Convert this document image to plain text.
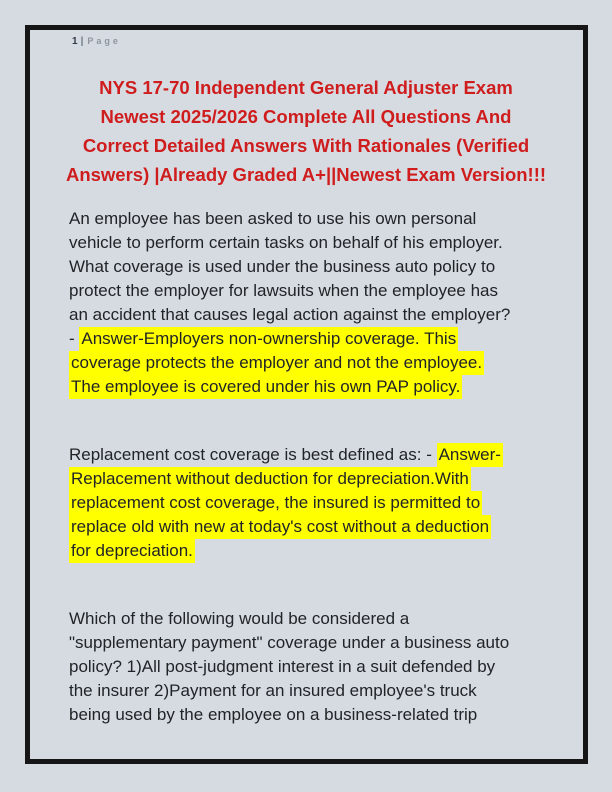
1 | Page
NYS 17-70 Independent General Adjuster Exam
Newest 2025/2026 Complete All Questions And
Correct Detailed Answers With Rationales (Verified
Answers) |Already Graded A+||Newest Exam Version!!!
An employee has been asked to use his own personal
vehicle to perform certain tasks on behalf of his employer.
What coverage is used under the business auto policy to
protect the employer for lawsuits when the employee has
an accident that causes legal action against the employer?
- Answer-Employers non-ownership coverage. This
coverage protects the employer and not the employee.
The employee is covered under his own PAP policy.
Replacement cost coverage is best defined as: - Answer-
Replacement without deduction for depreciation.With
replacement cost coverage, the insured is permitted to
replace old with new at today's cost without a deduction
for depreciation.
Which of the following would be considered a
"supplementary payment" coverage under a business auto
policy? 1)All post-judgment interest in a suit defended by
the insurer 2)Payment for an insured employee's truck
being used by the employee on a business-related trip
